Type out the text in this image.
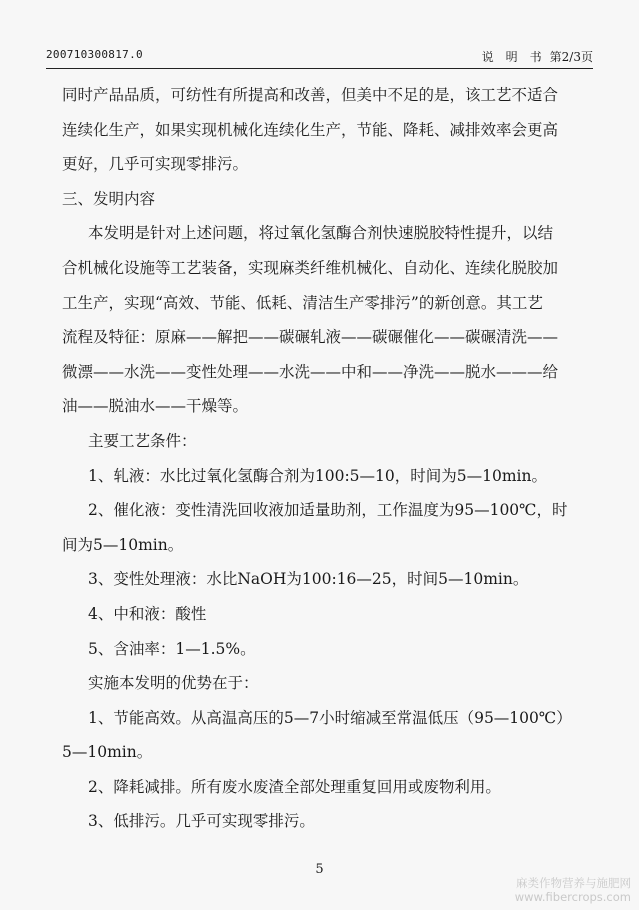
200710300817.0	说　明　书 第2/3页
同时产品品质，可纺性有所提高和改善，但美中不足的是，该工艺不适合
连续化生产，如果实现机械化连续化生产，节能、降耗、减排效率会更高
更好，几乎可实现零排污。
三、发明内容
本发明是针对上述问题，将过氧化氢酶合剂快速脱胶特性提升，以结
合机械化设施等工艺装备，实现麻类纤维机械化、自动化、连续化脱胶加
工生产，实现“高效、节能、低耗、清洁生产零排污”的新创意。其工艺
流程及特征：原麻——解把——碳碾轧液——碳碾催化——碳碾清洗——
微漂——水洗——变性处理——水洗——中和——净洗——脱水———给
油——脱油水——干燥等。
主要工艺条件：
1、轧液：水比过氧化氢酶合剂为100:5—10，时间为5—10min。
2、催化液：变性清洗回收液加适量助剂，工作温度为95—100℃，时
间为5—10min。
3、变性处理液：水比NaOH为100:16—25，时间5—10min。
4、中和液：酸性
5、含油率：1—1.5%。
实施本发明的优势在于：
1、节能高效。从高温高压的5—7小时缩减至常温低压（95—100℃）
5—10min。
2、降耗减排。所有废水废渣全部处理重复回用或废物利用。
3、低排污。几乎可实现零排污。
5
麻类作物营养与施肥网
www.fibercrops.com
